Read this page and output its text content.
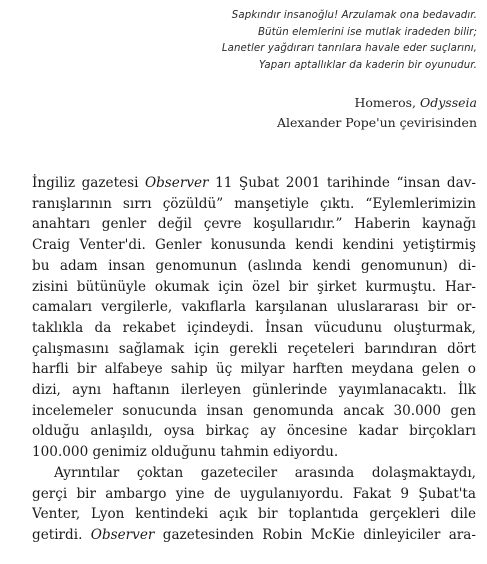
Sapkındır insanoğlu! Arzulamak ona bedavadır.
Bütün elemlerini ise mutlak iradeden bilir;
Lanetler yağdırarı tanrılara havale eder suçlarını,
Yaparı aptallıklar da kaderin bir oyunudur.
Homeros, Odysseia
Alexander Pope'un çevirisinden
İngiliz gazetesi Observer 11 Şubat 2001 tarihinde “insan dav-
ranışlarının sırrı çözüldü” manşetiyle çıktı. “Eylemlerimizin
anahtarı genler değil çevre koşullarıdır.” Haberin kaynağı
Craig Venter'di. Genler konusunda kendi kendini yetiştirmiş
bu adam insan genomunun (aslında kendi genomunun) di-
zisini bütünüyle okumak için özel bir şirket kurmuştu. Har-
camaları vergilerle, vakıflarla karşılanan uluslararası bir or-
taklıkla da rekabet içindeydi. İnsan vücudunu oluşturmak,
çalışmasını sağlamak için gerekli reçeteleri barındıran dört
harfli bir alfabeye sahip üç milyar harften meydana gelen o
dizi, aynı haftanın ilerleyen günlerinde yayımlanacaktı. İlk
incelemeler sonucunda insan genomunda ancak 30.000 gen
olduğu anlaşıldı, oysa birkaç ay öncesine kadar birçokları
100.000 genimiz olduğunu tahmin ediyordu.
Ayrıntılar çoktan gazeteciler arasında dolaşmaktaydı,
gerçi bir ambargo yine de uygulanıyordu. Fakat 9 Şubat'ta
Venter, Lyon kentindeki açık bir toplantıda gerçekleri dile
getirdi. Observer gazetesinden Robin McKie dinleyiciler ara-
